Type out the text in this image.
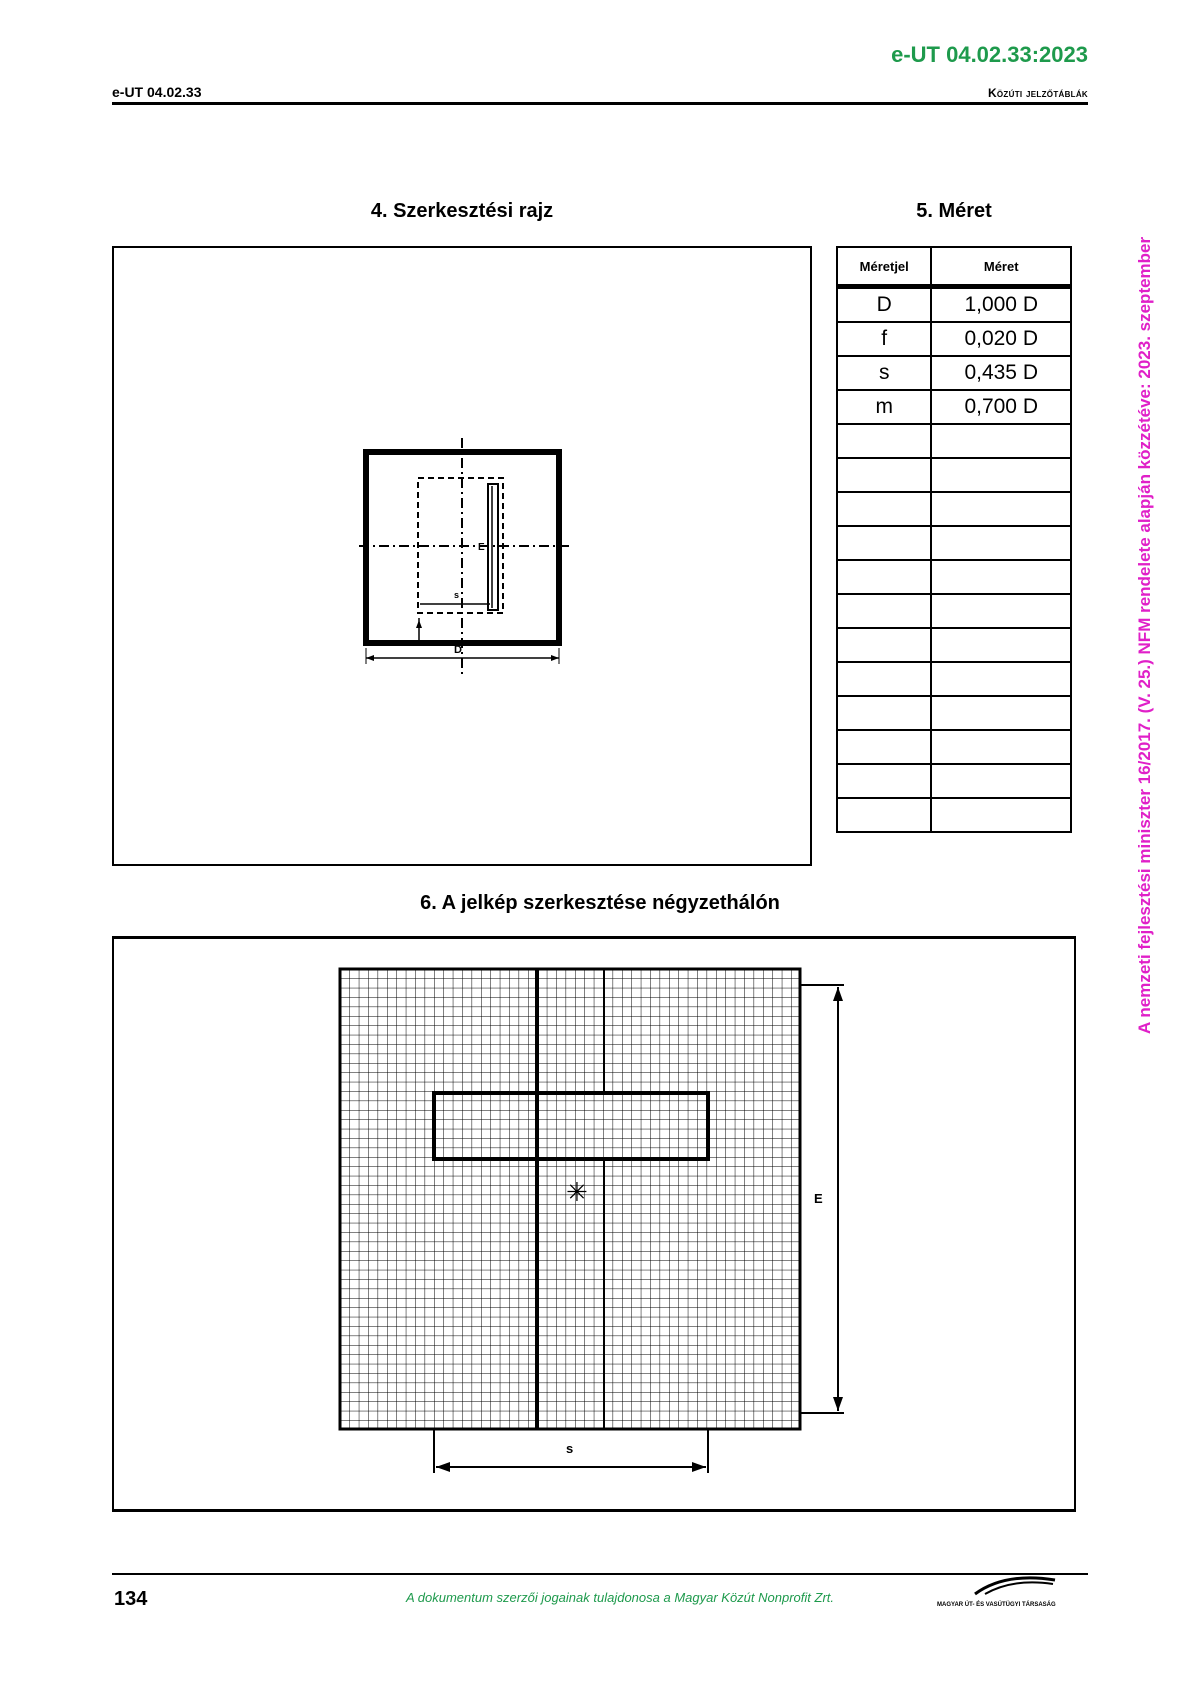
e-UT 04.02.33:2023
e-UT 04.02.33	Közúti jelzőtáblák
A nemzeti fejlesztési miniszter 16/2017. (V. 25.) NFM rendelete alapján közzétéve: 2023. szeptember
4. Szerkesztési rajz
E
s
f
D
5. Méret
Méretjel	Méret
D	1,000 D
f	0,020 D
s	0,435 D
m	0,700 D

6. A jelkép szerkesztése négyzethálón
✳	E
s
134	A dokumentum szerzői jogainak tulajdonosa a Magyar Közút Nonprofit Zrt.	MAGYAR ÚT- ÉS VASÚTÜGYI TÁRSASÁG
